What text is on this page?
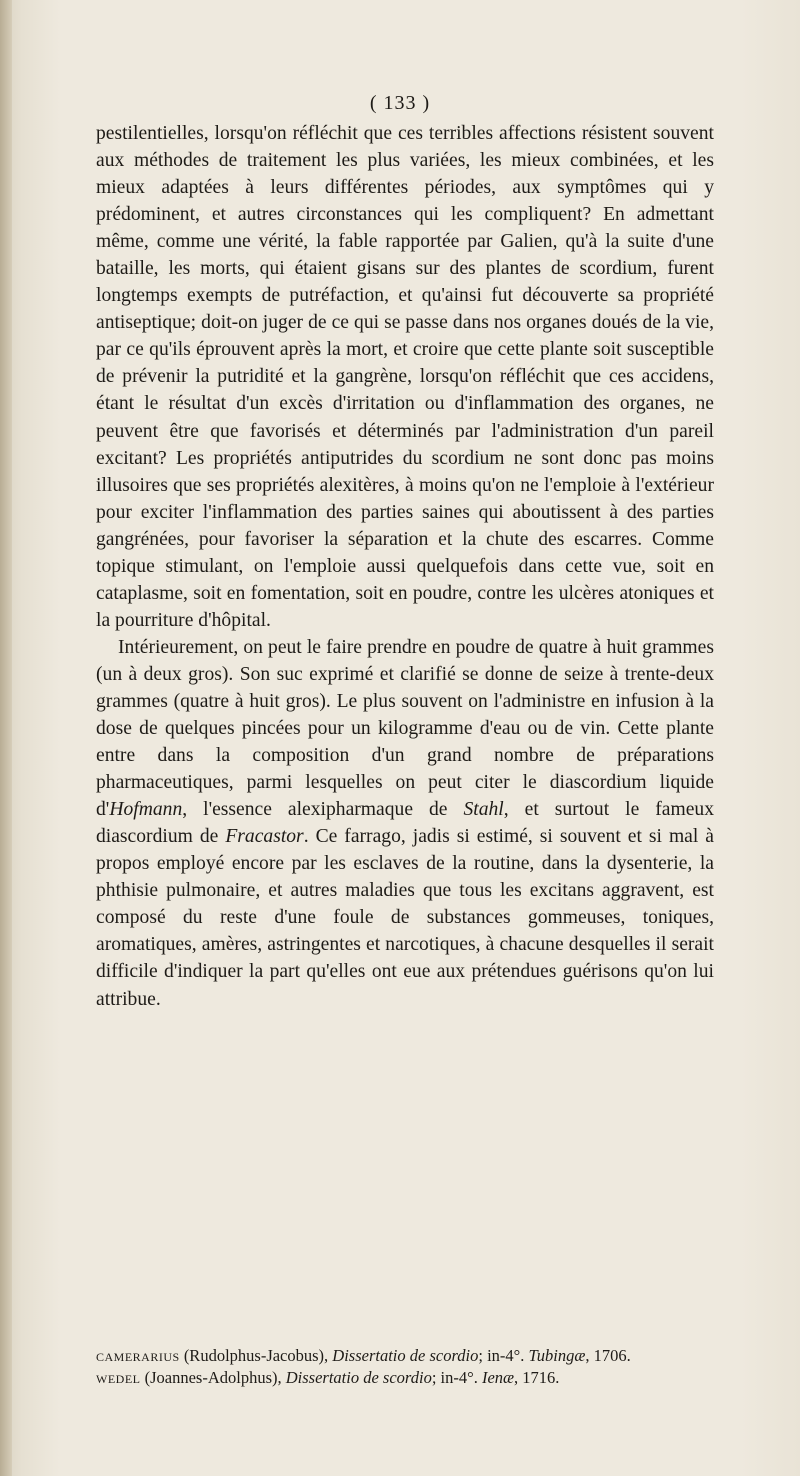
( 133 )

pestilentielles, lorsqu'on réfléchit que ces terribles affections résistent souvent aux méthodes de traitement les plus variées, les mieux combinées, et les mieux adaptées à leurs différentes périodes, aux symptômes qui y prédominent, et autres circonstances qui les compliquent? En admettant même, comme une vérité, la fable rapportée par Galien, qu'à la suite d'une bataille, les morts, qui étaient gisans sur des plantes de scordium, furent longtemps exempts de putréfaction, et qu'ainsi fut découverte sa propriété antiseptique; doit-on juger de ce qui se passe dans nos organes doués de la vie, par ce qu'ils éprouvent après la mort, et croire que cette plante soit susceptible de prévenir la putridité et la gangrène, lorsqu'on réfléchit que ces accidens, étant le résultat d'un excès d'irritation ou d'inflammation des organes, ne peuvent être que favorisés et déterminés par l'administration d'un pareil excitant? Les propriétés antiputrides du scordium ne sont donc pas moins illusoires que ses propriétés alexitères, à moins qu'on ne l'emploie à l'extérieur pour exciter l'inflammation des parties saines qui aboutissent à des parties gangrénées, pour favoriser la séparation et la chute des escarres. Comme topique stimulant, on l'emploie aussi quelquefois dans cette vue, soit en cataplasme, soit en fomentation, soit en poudre, contre les ulcères atoniques et la pourriture d'hôpital.

Intérieurement, on peut le faire prendre en poudre de quatre à huit grammes (un à deux gros). Son suc exprimé et clarifié se donne de seize à trente-deux grammes (quatre à huit gros). Le plus souvent on l'administre en infusion à la dose de quelques pincées pour un kilogramme d'eau ou de vin. Cette plante entre dans la composition d'un grand nombre de préparations pharmaceutiques, parmi lesquelles on peut citer le diascordium liquide d'Hofmann, l'essence alexipharmaque de Stahl, et surtout le fameux diascordium de Fracastor. Ce farrago, jadis si estimé, si souvent et si mal à propos employé encore par les esclaves de la routine, dans la dysenterie, la phthisie pulmonaire, et autres maladies que tous les excitans aggravent, est composé du reste d'une foule de substances gommeuses, toniques, aromatiques, amères, astringentes et narcotiques, à chacune desquelles il serait difficile d'indiquer la part qu'elles ont eue aux prétendues guérisons qu'on lui attribue.

camerarius (Rudolphus-Jacobus), Dissertatio de scordio; in-4°. Tubingæ, 1706.

wedel (Joannes-Adolphus), Dissertatio de scordio; in-4°. Ienæ, 1716.
